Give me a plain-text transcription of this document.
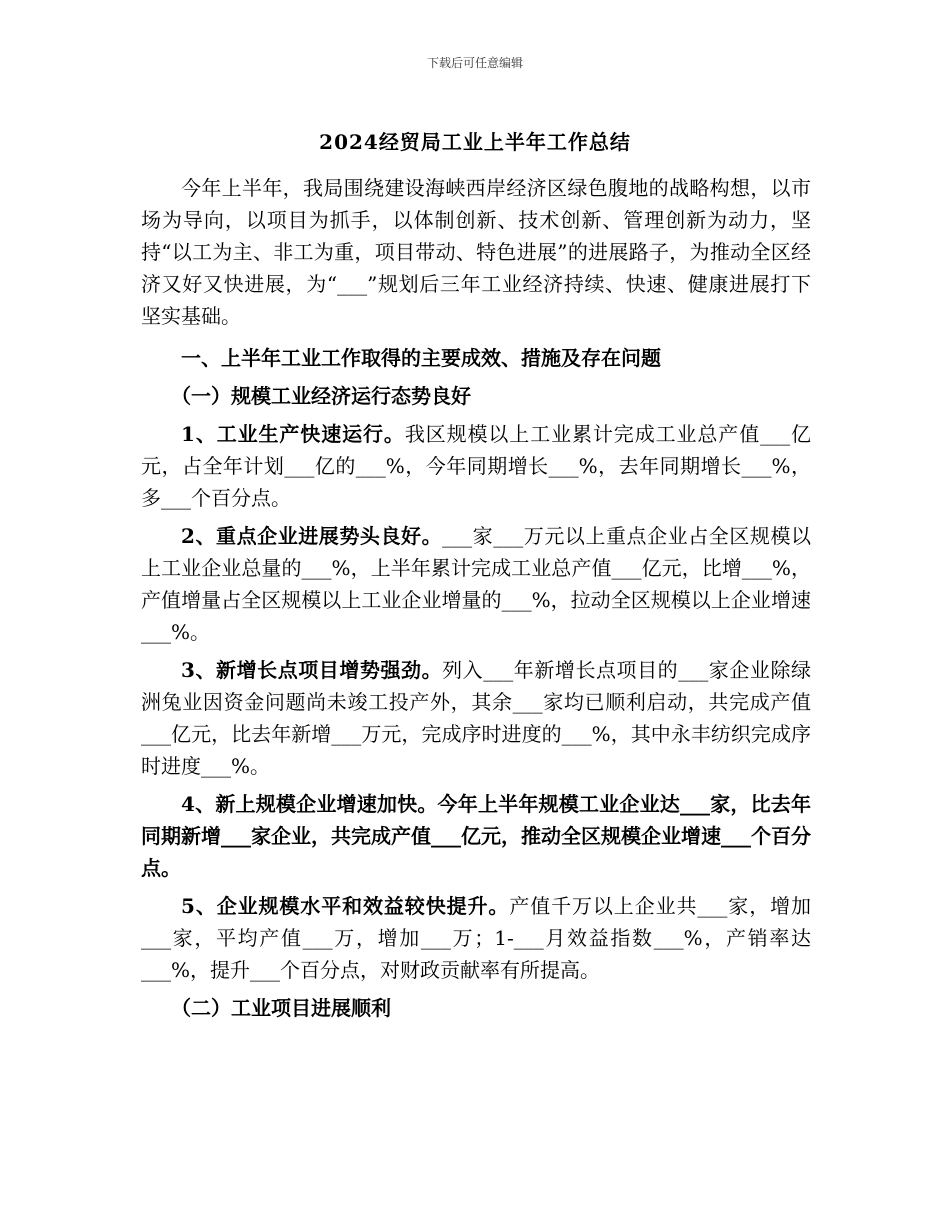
下载后可任意编辑
2024经贸局工业上半年工作总结

今年上半年，我局围绕建设海峡西岸经济区绿色腹地的战略构想，以市场为导向，以项目为抓手，以体制创新、技术创新、管理创新为动力，坚持“以工为主、非工为重，项目带动、特色进展”的进展路子，为推动全区经济又好又快进展，为“___”规划后三年工业经济持续、快速、健康进展打下坚实基础。

一、上半年工业工作取得的主要成效、措施及存在问题

（一）规模工业经济运行态势良好

1、工业生产快速运行。我区规模以上工业累计完成工业总产值___亿元，占全年计划___亿的___%，今年同期增长___%，去年同期增长___%，多___个百分点。

2、重点企业进展势头良好。___家___万元以上重点企业占全区规模以上工业企业总量的___%，上半年累计完成工业总产值___亿元，比增___%，产值增量占全区规模以上工业企业增量的___%，拉动全区规模以上企业增速___%。

3、新增长点项目增势强劲。列入___年新增长点项目的___家企业除绿洲兔业因资金问题尚未竣工投产外，其余___家均已顺利启动，共完成产值___亿元，比去年新增___万元，完成序时进度的___%，其中永丰纺织完成序时进度___%。

4、新上规模企业增速加快。今年上半年规模工业企业达___家，比去年同期新增___家企业，共完成产值___亿元，推动全区规模企业增速___个百分点。

5、企业规模水平和效益较快提升。产值千万以上企业共___家，增加___家，平均产值___万，增加___万；1-___月效益指数___%，产销率达___%，提升___个百分点，对财政贡献率有所提高。

（二）工业项目进展顺利
